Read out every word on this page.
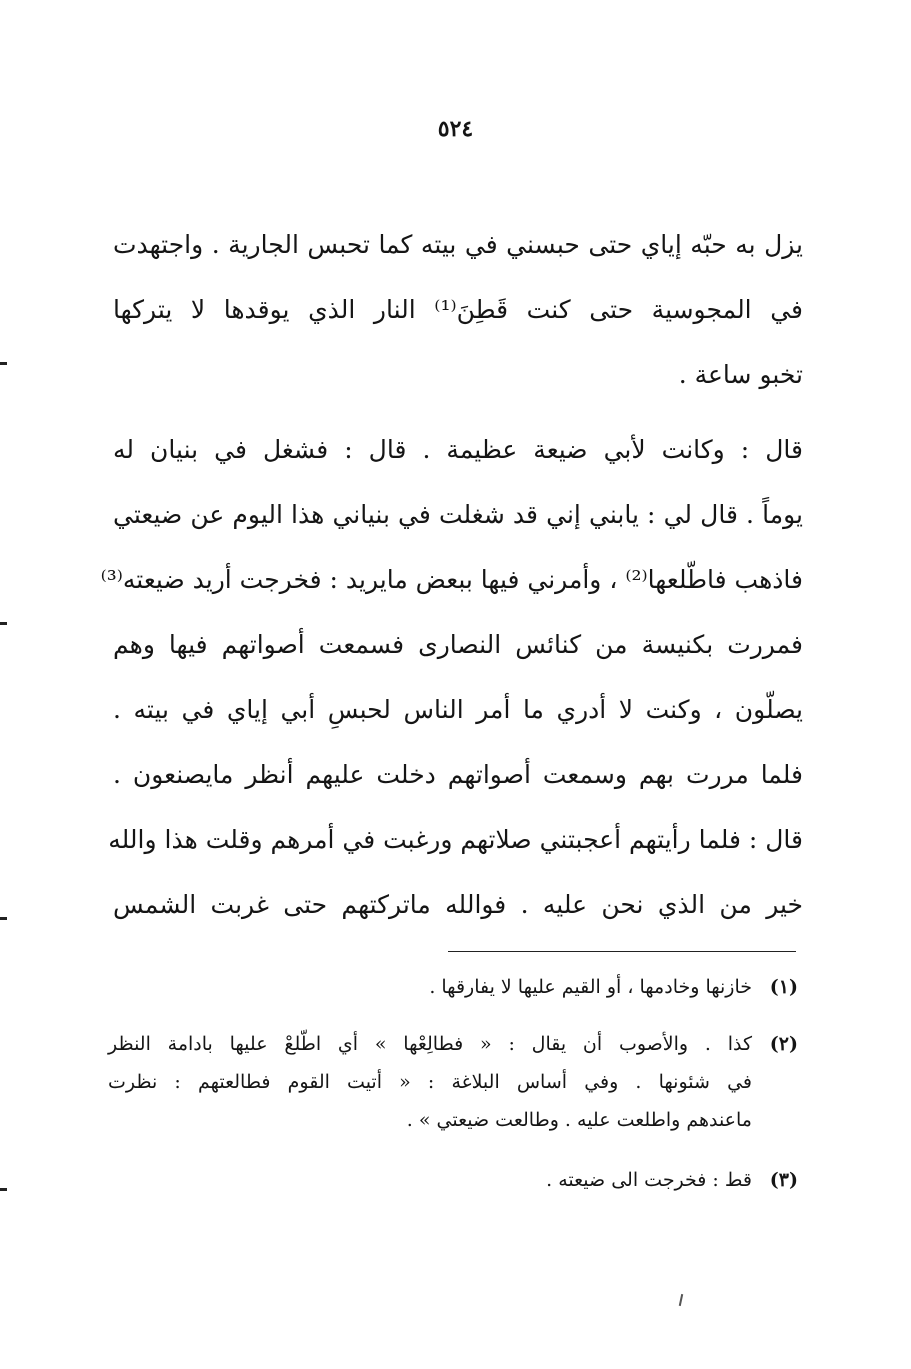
٥٢٤
يزل به حبّه إياي حتى حبسني في بيته كما تحبس الجارية . واجتهدت
في المجوسية حتى كنت قَطِنَ⁽¹⁾ النار الذي يوقدها لا يتركها
تخبو ساعة .
قال : وكانت لأبي ضيعة عظيمة . قال : فشغل في بنيان له
يوماً . قال لي : يابني إني قد شغلت في بنياني هذا اليوم عن ضيعتي
فاذهب فاطّلعها⁽²⁾ ، وأمرني فيها ببعض مايريد : فخرجت أريد ضيعته⁽³⁾
فمررت بكنيسة من كنائس النصارى فسمعت أصواتهم فيها وهم
يصلّون ، وكنت لا أدري ما أمر الناس لحبسِ أبي إياي في بيته .
فلما مررت بهم وسمعت أصواتهم دخلت عليهم أنظر مايصنعون .
قال : فلما رأيتهم أعجبتني صلاتهم ورغبت في أمرهم وقلت هذا والله
خير من الذي نحن عليه . فوالله ماتركتهم حتى غربت الشمس
(١)
خازنها وخادمها ، أو القيم عليها لا يفارقها .
(٢)
كذا . والأصوب أن يقال : « فطالِعْها » أي اطّلعْ عليها بادامة النظر
في شئونها . وفي أساس البلاغة : « أتيت القوم فطالعتهم : نظرت
ماعندهم واطلعت عليه . وطالعت ضيعتي » .
(٣)
قط : فخرجت الى ضيعته .
